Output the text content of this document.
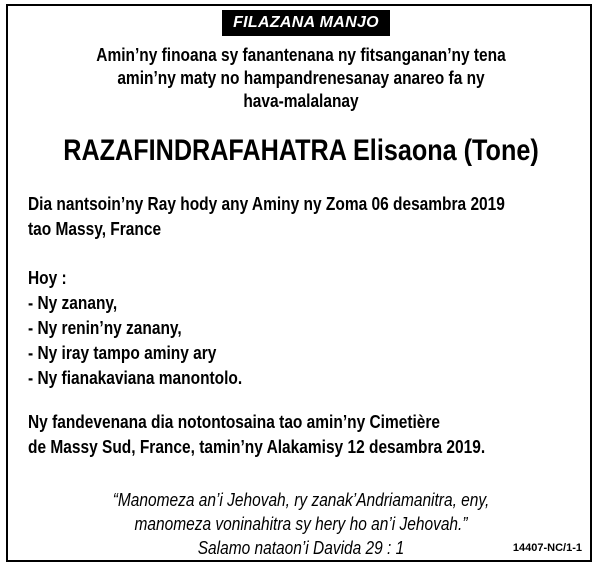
FILAZANA MANJO
Amin’ny finoana sy fanantenana ny fitsanganan’ny tena
amin’ny maty no hampandrenesanay anareo fa ny
hava-malalanay
RAZAFINDRAFAHATRA Elisaona (Tone)
Dia nantsoin’ny Ray hody any Aminy ny Zoma 06 desambra 2019
tao Massy, France
Hoy :
- Ny zanany,
- Ny renin’ny zanany,
- Ny iray tampo aminy ary
- Ny fianakaviana manontolo.
Ny fandevenana dia notontosaina tao amin’ny Cimetière
de Massy Sud, France, tamin’ny Alakamisy 12 desambra 2019.
“Manomeza an’i Jehovah, ry zanak’Andriamanitra, eny,
manomeza voninahitra sy hery ho an’i Jehovah.”
Salamo nataon’i Davida 29 : 1	14407-NC/1-1
